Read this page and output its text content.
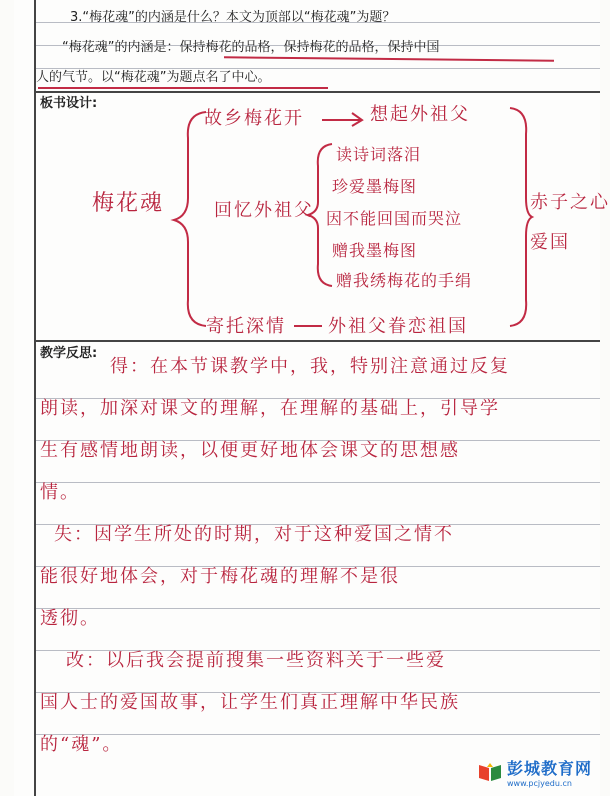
3.“梅花魂”的内涵是什么？本文为顶部以“梅花魂”为题？
“梅花魂”的内涵是：保持梅花的品格，保持梅花的品格，保持中国
人的气节。以“梅花魂”为题点名了中心。
板书设计:
梅花魂
故乡梅花开	想起外祖父
回忆外祖父
读诗词落泪
珍爱墨梅图
因不能回国而哭泣
赠我墨梅图
赠我绣梅花的手绢
寄托深情 外祖父眷恋祖国
赤子之心
爱国
教学反思:
得：在本节课教学中，我，特别注意通过反复
朗读，加深对课文的理解，在理解的基础上，引导学
生有感情地朗读，以便更好地体会课文的思想感
情。
失：因学生所处的时期，对于这种爱国之情不
能很好地体会，对于梅花魂的理解不是很
透彻。
改：以后我会提前搜集一些资料关于一些爱
国人士的爱国故事，让学生们真正理解中华民族
的“魂”。
彭城教育网
www.pcjyedu.cn
